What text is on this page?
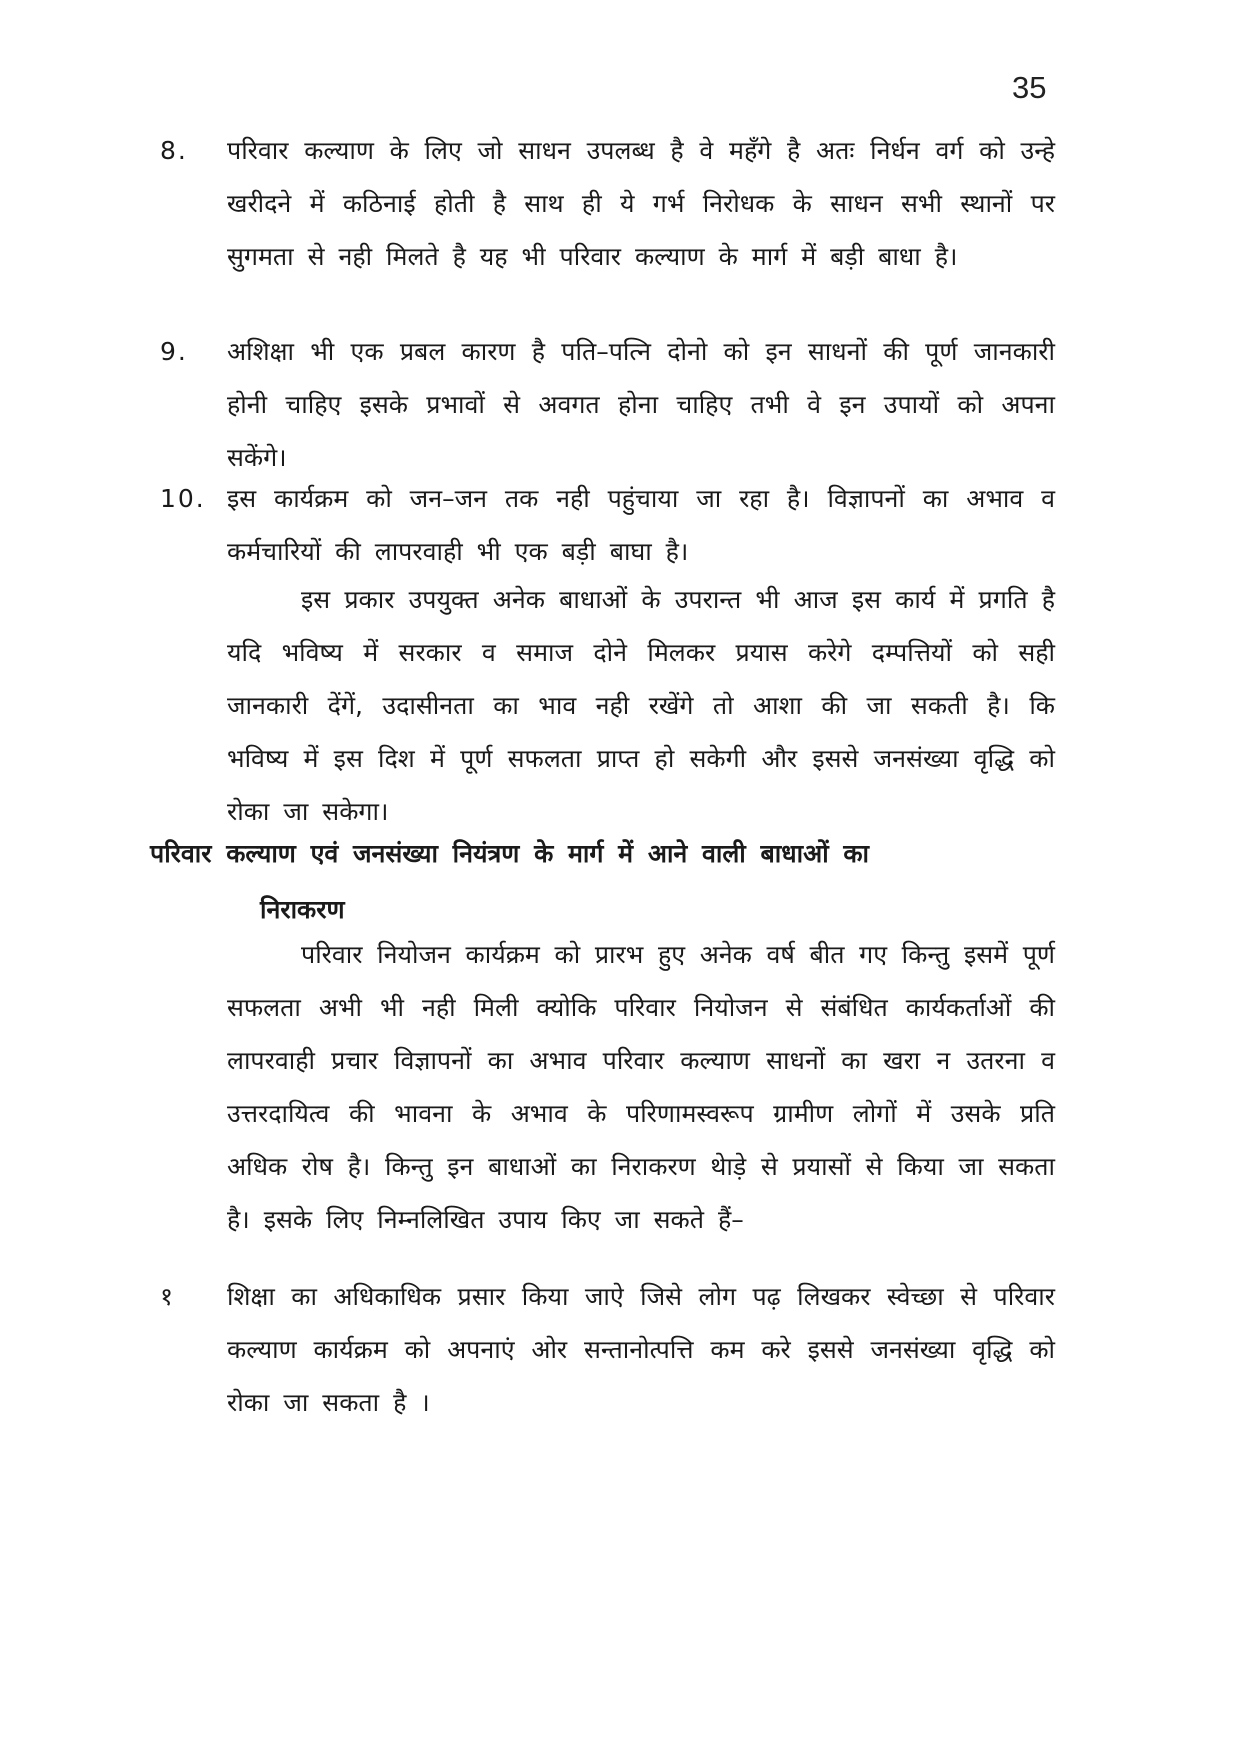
35
8.	परिवार कल्याण के लिए जो साधन उपलब्ध है वे महॅंगे है अतः निर्धन वर्ग को उन्हे खरीदने में कठिनाई होती है साथ ही ये गर्भ निरोधक के साधन सभी स्थानों पर सुगमता से नही मिलते है यह भी परिवार कल्याण के मार्ग में बड़ी बाधा है।
9.	अशिक्षा भी एक प्रबल कारण है पति–पत्नि दोनो को इन साधनों की पूर्ण जानकारी होनी चाहिए इसके प्रभावों से अवगत होना चाहिए तभी वे इन उपायों को अपना सकेंगे।
10. इस कार्यक्रम को जन–जन तक नही पहुंचाया जा रहा है। विज्ञापनों का अभाव व कर्मचारियों की लापरवाही भी एक बड़ी बाघा है।
इस प्रकार उपयुक्त अनेक बाधाओं के उपरान्त भी आज इस कार्य में प्रगति है यदि भविष्य में सरकार व समाज दोने मिलकर प्रयास करेगे दम्पत्तियों को सही जानकारी देंगें, उदासीनता का भाव नही रखेंगे तो आशा की जा सकती है। कि भविष्य में इस दिश में पूर्ण सफलता प्राप्त हो सकेगी और इससे जनसंख्या वृद्धि को रोका जा सकेगा।
परिवार कल्याण एवं जनसंख्या नियंत्रण के मार्ग में आने वाली बाधाओं का
निराकरण
परिवार नियोजन कार्यक्रम को प्रारभ हुए अनेक वर्ष बीत गए किन्तु इसमें पूर्ण सफलता अभी भी नही मिली क्योकि परिवार नियोजन से संबंधित कार्यकर्ताओं की लापरवाही प्रचार विज्ञापनों का अभाव परिवार कल्याण साधनों का खरा न उतरना व उत्तरदायित्व की भावना के अभाव के परिणामस्वरूप ग्रामीण लोगों में उसके प्रति अधिक रोष है। किन्तु इन बाधाओं का निराकरण थेाड़े से प्रयासों से किया जा सकता है। इसके लिए निम्नलिखित उपाय किए जा सकते हैं–
१	शिक्षा का अधिकाधिक प्रसार किया जाऐ जिसे लोग पढ़ लिखकर स्वेच्छा से परिवार कल्याण कार्यक्रम को अपनाएं ओर सन्तानोत्पत्ति कम करे इससे जनसंख्या वृद्धि को रोका जा सकता है ।
